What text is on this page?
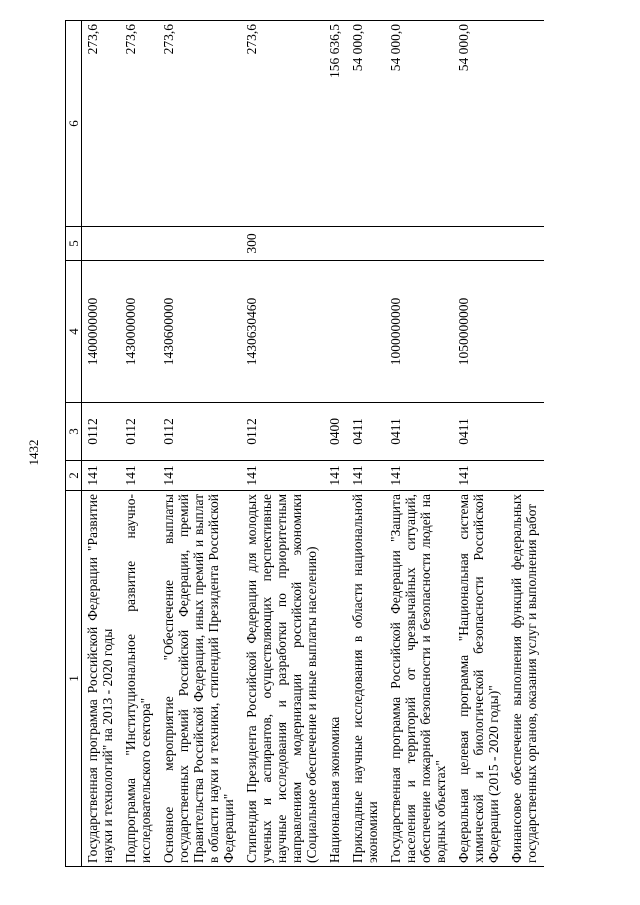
1432
1	2	3	4	5	6
Государственная программа Российской Федерации "Развитие науки и технологий" на 2013 - 2020 годы	141	0112	1400000000		273,6
Подпрограмма "Институциональное развитие научно-исследовательского сектора"	141	0112	1430000000		273,6
Основное мероприятие "Обеспечение выплаты государственных премий Российской Федерации, премий Правительства Российской Федерации, иных премий и выплат в области науки и техники, стипендий Президента Российской Федерации"	141	0112	1430600000		273,6
Стипендия Президента Российской Федерации для молодых ученых и аспирантов, осуществляющих перспективные научные исследования и разработки по приоритетным направлениям модернизации российской экономики (Социальное обеспечение и иные выплаты населению)	141	0112	1430630460	300	273,6
Национальная экономика	141	0400			156 636,5
Прикладные научные исследования в области национальной экономики	141	0411			54 000,0
Государственная программа Российской Федерации "Защита населения и территорий от чрезвычайных ситуаций, обеспечение пожарной безопасности и безопасности людей на водных объектах"	141	0411	1000000000		54 000,0
Федеральная целевая программа "Национальная система химической и биологической безопасности Российской Федерации (2015 - 2020 годы)"	141	0411	1050000000		54 000,0
Финансовое обеспечение выполнения функций федеральных государственных органов, оказания услуг и выполнения работ					
